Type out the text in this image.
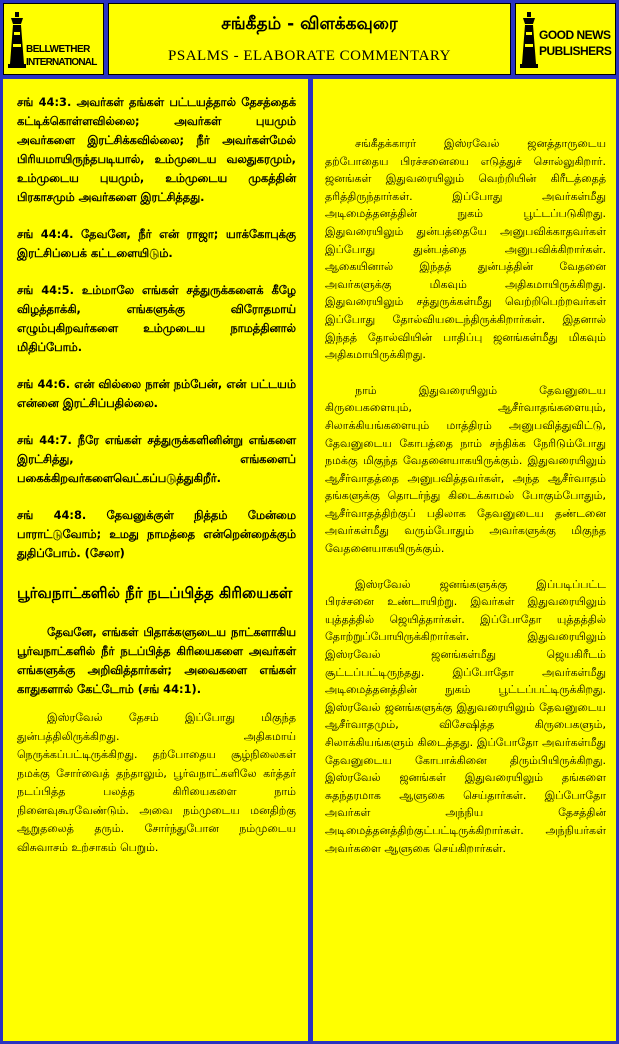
BELLWETHER
INTERNATIONAL
சங்கீதம் - விளக்கவுரை
PSALMS - ELABORATE COMMENTARY
GOOD NEWS
PUBLISHERS

சங் 44:3. அவர்கள் தங்கள் பட்டயத்தால் தேசத்தைக் கட்டிக்கொள்ளவில்லை; அவர்கள் புயமும் அவர்களை இரட்சிக்கவில்லை; நீர் அவர்கள்மேல் பிரியமாயிருந்தபடியால், உம்முடைய வலதுகரமும், உம்முடைய புயமும், உம்முடைய முகத்தின் பிரகாசமும் அவர்களை இரட்சித்தது.

சங் 44:4. தேவனே, நீர் என் ராஜா; யாக்கோபுக்கு இரட்சிப்பைக் கட்டளையிடும்.

சங் 44:5. உம்மாலே எங்கள் சத்துருக்களைக் கீழே விழத்தாக்கி, எங்களுக்கு விரோதமாய் எழும்புகிறவர்களை உம்முடைய நாமத்தினால் மிதிப்போம்.

சங் 44:6. என் வில்லை நான் நம்பேன், என் பட்டயம் என்னை இரட்சிப்பதில்லை.

சங் 44:7. நீரே எங்கள் சத்துருக்களினின்று எங்களை இரட்சித்து, எங்களைப் பகைக்கிறவர்களைவெட்கப்படுத்துகிறீர்.

சங் 44:8. தேவனுக்குள் நித்தம் மேன்மை பாராட்டுவோம்; உமது நாமத்தை என்றென்றைக்கும் துதிப்போம். (சேலா)

பூர்வநாட்களில் நீர் நடப்பித்த கிரியைகள்

தேவனே, எங்கள் பிதாக்களுடைய நாட்களாகிய பூர்வநாட்களில் நீர் நடப்பித்த கிரியைகளை அவர்கள் எங்களுக்கு அறிவித்தார்கள்; அவைகளை எங்கள் காதுகளால் கேட்டோம் (சங் 44:1).

இஸ்ரவேல் தேசம் இப்போது மிகுந்த துன்பத்திலிருக்கிறது. அதிகமாய் நெருக்கப்பட்டிருக்கிறது. தற்போதைய சூழ்நிலைகள் நமக்கு சோர்வைத் தந்தாலும், பூர்வநாட்களிலே கர்த்தர் நடப்பித்த பலத்த கிரியைகளை நாம் நினைவுகூரவேண்டும். அவை நம்முடைய மனதிற்கு ஆறுதலைத் தரும். சோர்ந்துபோன நம்முடைய விசுவாசம் உற்சாகம் பெறும்.

சங்கீதக்காரர் இஸ்ரவேல் ஜனத்தாருடைய தற்போதைய பிரச்சனையை எடுத்துச் சொல்லுகிறார். ஜனங்கள் இதுவரையிலும் வெற்றியின் கிரீடத்தைத் தரித்திருந்தார்கள். இப்போது அவர்கள்மீது அடிமைத்தனத்தின் நுகம் பூட்டப்படுகிறது. இதுவரையிலும் துன்பத்தையே அனுபவிக்காதவர்கள் இப்போது துன்பத்தை அனுபவிக்கிறார்கள். ஆகையினால் இந்தத் துன்பத்தின் வேதனை அவர்களுக்கு மிகவும் அதிகமாயிருக்கிறது. இதுவரையிலும் சத்துருக்கள்மீது வெற்றிபெற்றவர்கள் இப்போது தோல்வியடைந்திருக்கிறார்கள். இதனால் இந்தத் தோல்வியின் பாதிப்பு ஜனங்கள்மீது மிகவும் அதிகமாயிருக்கிறது.

நாம் இதுவரையிலும் தேவனுடைய கிருபைகளையும், ஆசீர்வாதங்களையும், சிலாக்கியங்களையும் மாத்திரம் அனுபவித்துவிட்டு, தேவனுடைய கோபத்தை நாம் சந்திக்க நேரிடும்போது நமக்கு மிகுந்த வேதனையாகயிருக்கும். இதுவரையிலும் ஆசீர்வாதத்தை அனுபவித்தவர்கள், அந்த ஆசீர்வாதம் தங்களுக்கு தொடர்ந்து கிடைக்காமல் போகும்போதும், ஆசீர்வாதத்திற்குப் பதிலாக தேவனுடைய தண்டனை அவர்கள்மீது வரும்போதும் அவர்களுக்கு மிகுந்த வேதனையாகயிருக்கும்.

இஸ்ரவேல் ஜனங்களுக்கு இப்படிப்பட்ட பிரச்சனை உண்டாயிற்று. இவர்கள் இதுவரையிலும் யுத்தத்தில் ஜெயித்தார்கள். இப்போதோ யுத்தத்தில் தோற்றுப்போயிருக்கிறார்கள். இதுவரையிலும் இஸ்ரவேல் ஜனங்கள்மீது ஜெயகிரீடம் சூட்டப்பட்டிருந்தது. இப்போதோ அவர்கள்மீது அடிமைத்தனத்தின் நுகம் பூட்டப்பட்டிருக்கிறது. இஸ்ரவேல் ஜனங்களுக்கு இதுவரையிலும் தேவனுடைய ஆசீர்வாதமும், விசேஷித்த கிருபைகளும், சிலாக்கியங்களும் கிடைத்தது. இப்போதோ அவர்கள்மீது தேவனுடைய கோபாக்கினை திரும்பியிருக்கிறது. இஸ்ரவேல் ஜனங்கள் இதுவரையிலும் தங்களை சுதந்தரமாக ஆளுகை செய்தார்கள். இப்போதோ அவர்கள் அந்நிய தேசத்தின் அடிமைத்தனத்திற்குட்பட்டிருக்கிறார்கள். அந்நியர்கள் அவர்களை ஆளுகை செய்கிறார்கள்.
